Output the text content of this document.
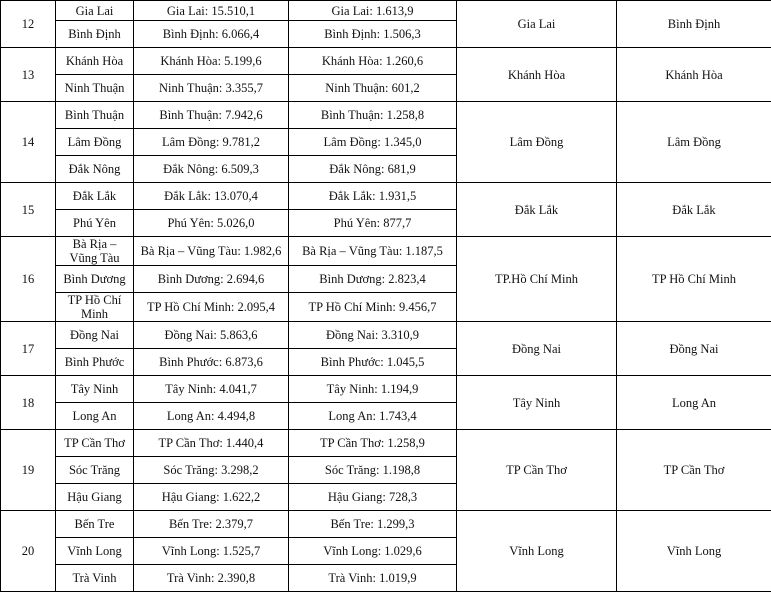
12	Gia Lai	Gia Lai: 15.510,1	Gia Lai: 1.613,9	Gia Lai	Bình Định
	Bình Định	Bình Định: 6.066,4	Bình Định: 1.506,3		
13	Khánh Hòa	Khánh Hòa: 5.199,6	Khánh Hòa: 1.260,6	Khánh Hòa	Khánh Hòa
	Ninh Thuận	Ninh Thuận: 3.355,7	Ninh Thuận: 601,2		
14	Bình Thuận	Bình Thuận: 7.942,6	Bình Thuận: 1.258,8	Lâm Đồng	Lâm Đồng
	Lâm Đồng	Lâm Đồng: 9.781,2	Lâm Đồng: 1.345,0		
	Đắk Nông	Đắk Nông: 6.509,3	Đắk Nông: 681,9		
15	Đắk Lắk	Đắk Lắk: 13.070,4	Đắk Lắk: 1.931,5	Đắk Lắk	Đắk Lắk
	Phú Yên	Phú Yên: 5.026,0	Phú Yên: 877,7		
16	Bà Rịa – Vũng Tàu	Bà Rịa – Vũng Tàu: 1.982,6	Bà Rịa – Vũng Tàu: 1.187,5	TP.Hồ Chí Minh	TP Hồ Chí Minh
	Bình Dương	Bình Dương: 2.694,6	Bình Dương: 2.823,4		
	TP Hồ Chí Minh	TP Hồ Chí Minh: 2.095,4	TP Hồ Chí Minh: 9.456,7		
17	Đồng Nai	Đồng Nai: 5.863,6	Đồng Nai: 3.310,9	Đồng Nai	Đồng Nai
	Bình Phước	Bình Phước: 6.873,6	Bình Phước: 1.045,5		
18	Tây Ninh	Tây Ninh: 4.041,7	Tây Ninh: 1.194,9	Tây Ninh	Long An
	Long An	Long An: 4.494,8	Long An: 1.743,4		
19	TP Cần Thơ	TP Cần Thơ: 1.440,4	TP Cần Thơ: 1.258,9	TP Cần Thơ	TP Cần Thơ
	Sóc Trăng	Sóc Trăng: 3.298,2	Sóc Trăng: 1.198,8		
	Hậu Giang	Hậu Giang: 1.622,2	Hậu Giang: 728,3		
20	Bến Tre	Bến Tre: 2.379,7	Bến Tre: 1.299,3	Vĩnh Long	Vĩnh Long
	Vĩnh Long	Vĩnh Long: 1.525,7	Vĩnh Long: 1.029,6		
	Trà Vinh	Trà Vinh: 2.390,8	Trà Vinh: 1.019,9		
